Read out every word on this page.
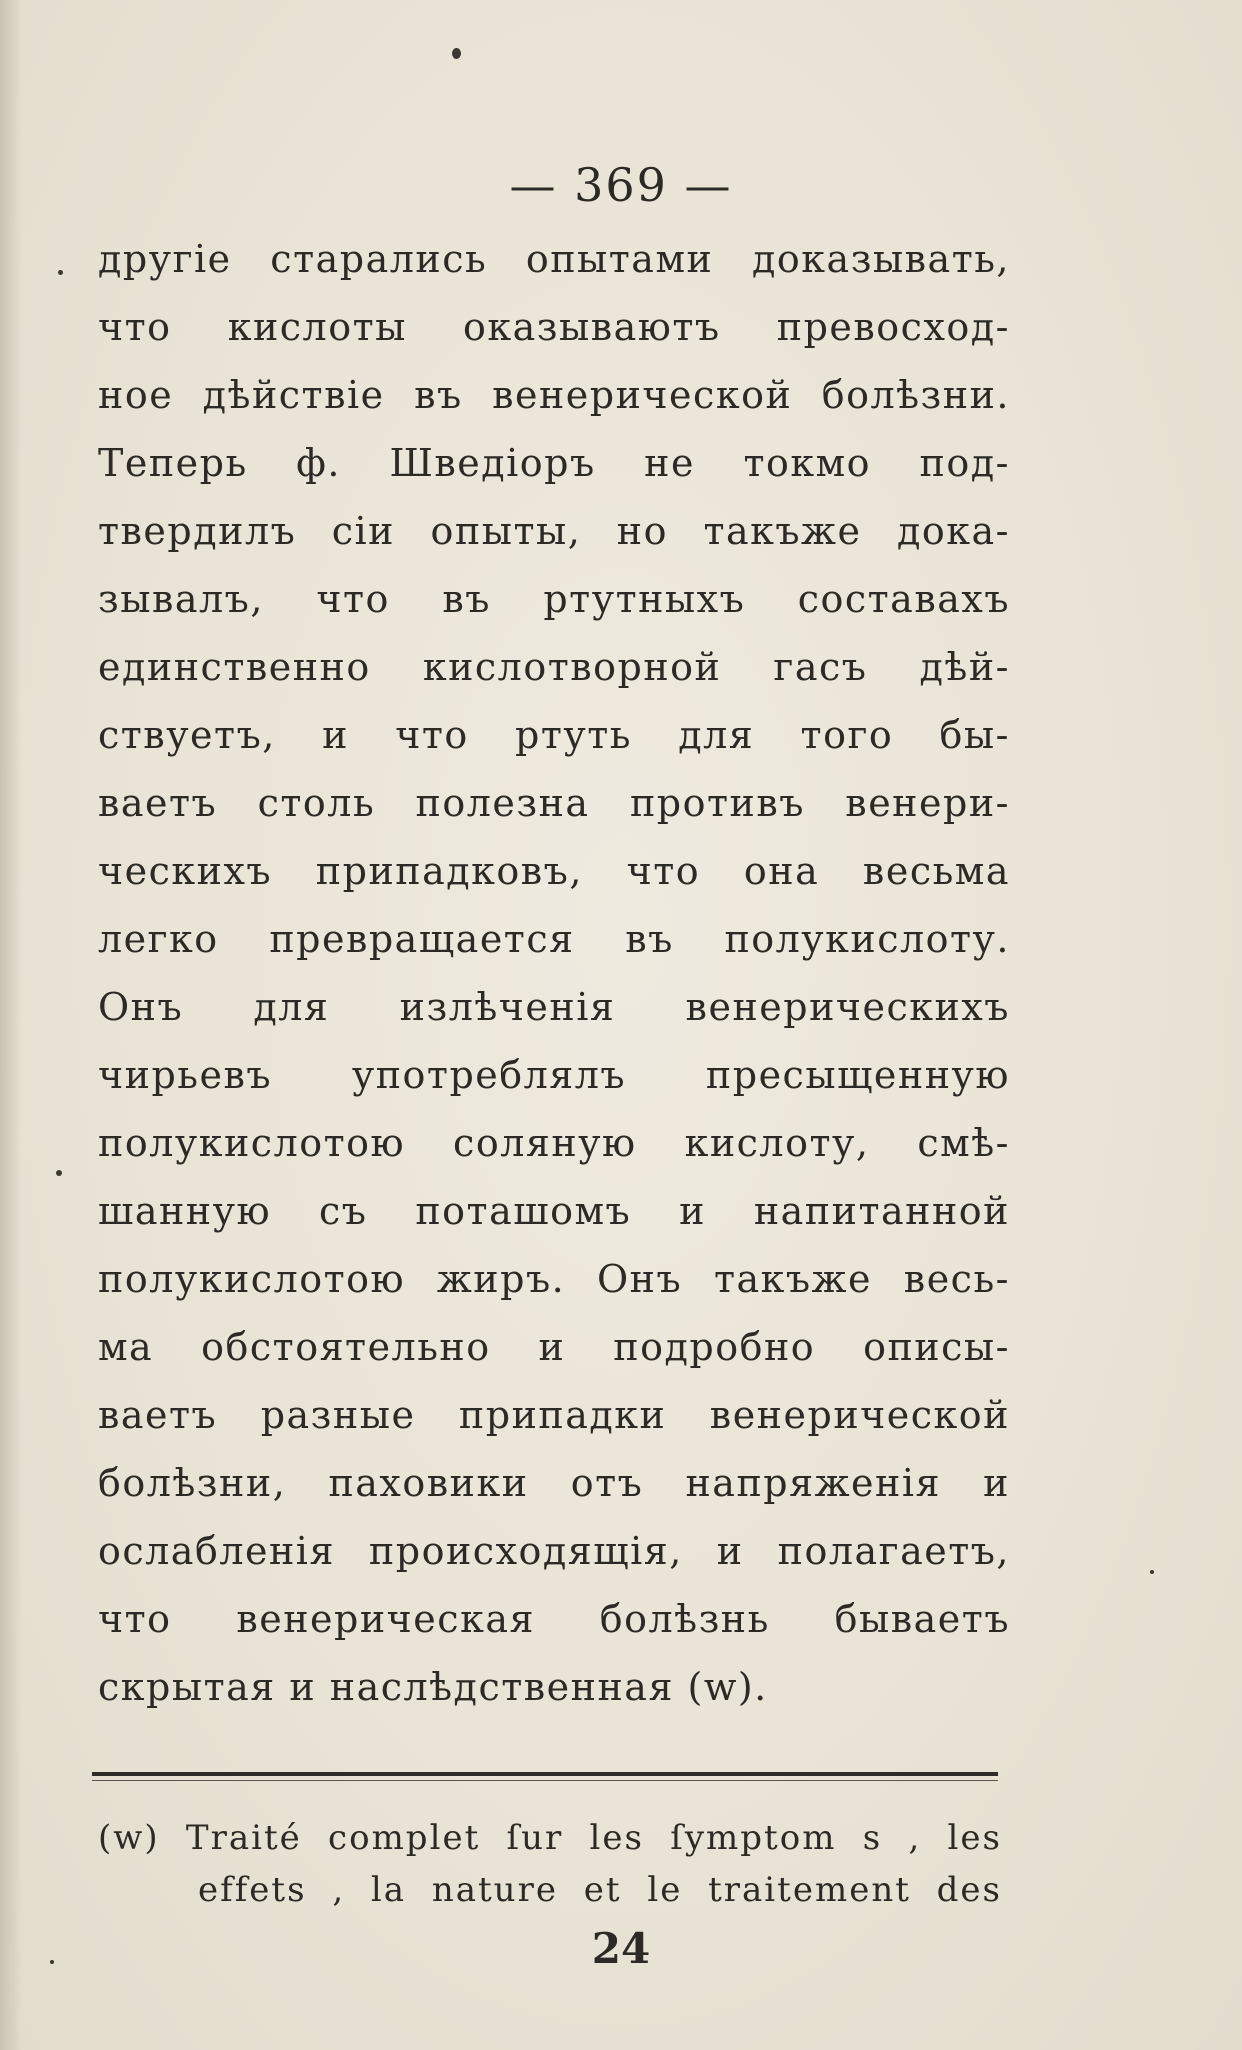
— 369 —
другіе старались опытами доказывать,
что кислоты оказываютъ превосход-
ное дѣйствіе въ венерической болѣзни.
Теперь ф. Шведіоръ не токмо под-
твердилъ сіи опыты, но такъже дока-
зывалъ, что въ ртутныхъ составахъ
единственно кислотворной гасъ дѣй-
ствуетъ, и что ртуть для того бы-
ваетъ столь полезна противъ венери-
ческихъ припадковъ, что она весьма
легко превращается въ полукислоту.
Онъ для излѣченія венерическихъ
чирьевъ употреблялъ пресыщенную
полукислотою соляную кислоту, смѣ-
шанную съ поташомъ и напитанной
полукислотою жиръ. Онъ такъже весь-
ма обстоятельно и подробно описы-
ваетъ разные припадки венерической
болѣзни, паховики отъ напряженія и
ослабленія происходящія, и полагаетъ,
что венерическая болѣзнь бываетъ
скрытая и наслѣдственная (w).
(w) Traité complet ſur les ſymptom s , les
effets , la nature et le traitement des
24
